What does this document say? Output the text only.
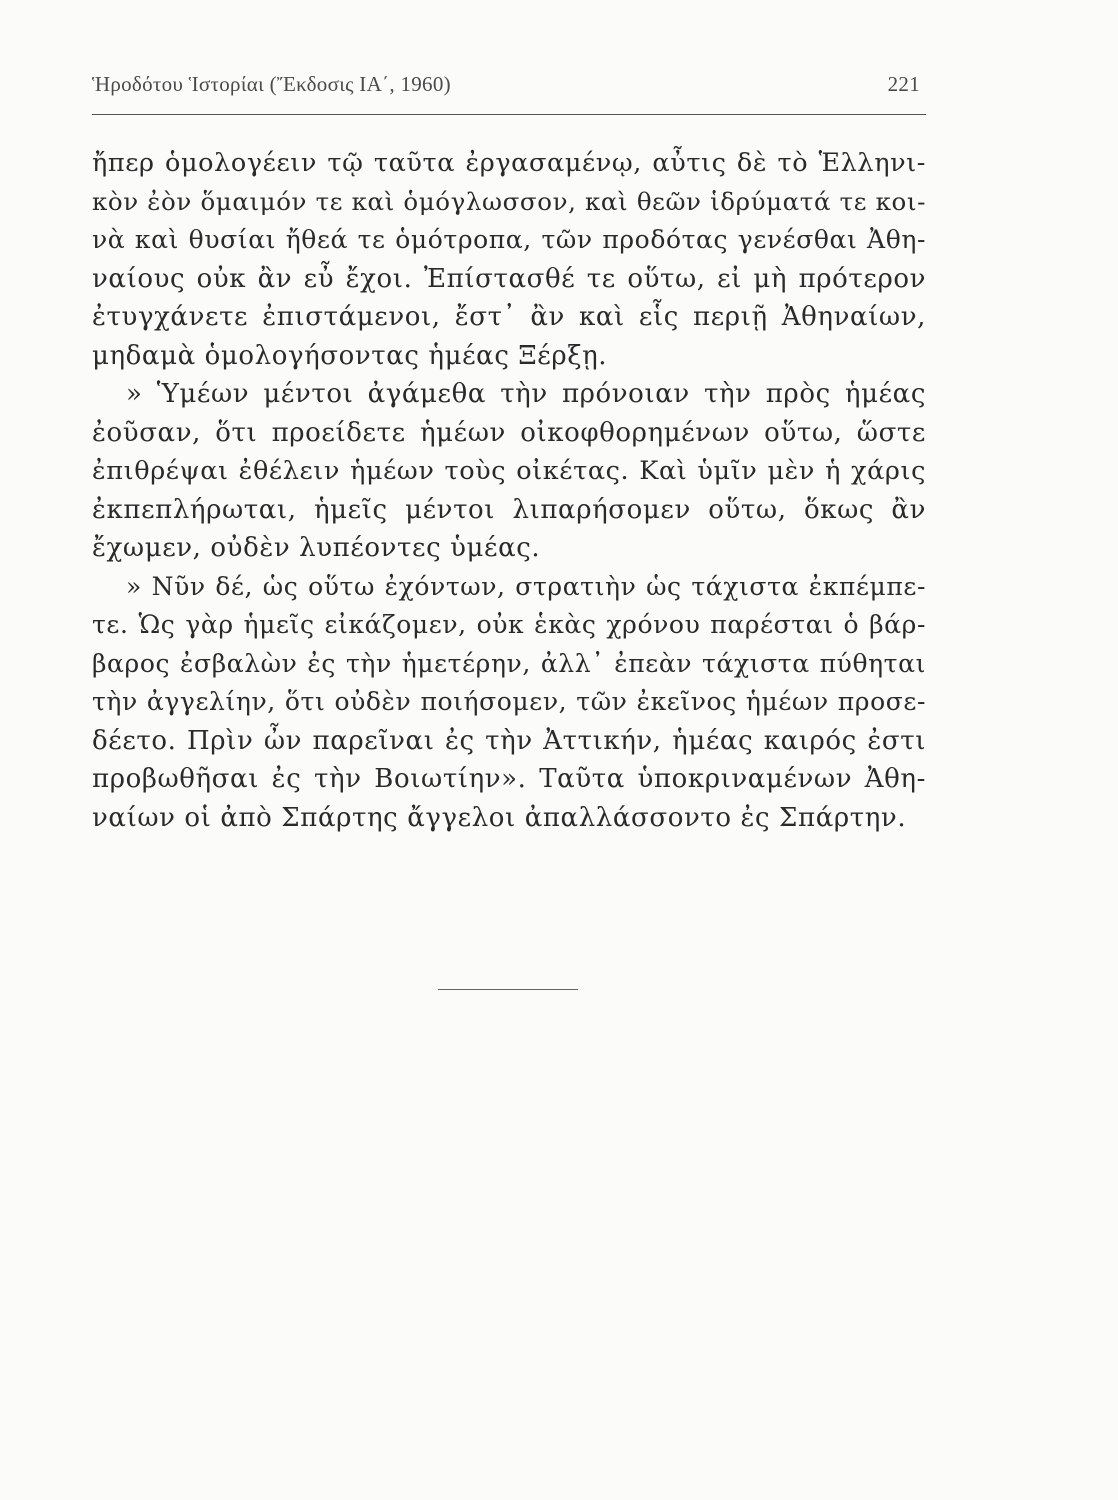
Ἡροδότου Ἱστορίαι (Ἔκδοσις ΙΑ΄, 1960)	221
ἤπερ ὁμολογέειν τῷ ταῦτα ἐργασαμένῳ, αὖτις δὲ τὸ Ἑλληνι-
κὸν ἐὸν ὅμαιμόν τε καὶ ὁμόγλωσσον, καὶ θεῶν ἱδρύματά τε κοι-
νὰ καὶ θυσίαι ἤθεά τε ὁμότροπα, τῶν προδότας γενέσθαι Ἀθη-
ναίους οὐκ ἂν εὖ ἔχοι. Ἐπίστασθέ τε οὕτω, εἰ μὴ πρότερον
ἐτυγχάνετε ἐπιστάμενοι, ἔστ᾽ ἂν καὶ εἷς περιῇ Ἀθηναίων,
μηδαμὰ ὁμολογήσοντας ἡμέας Ξέρξῃ.
» Ὑμέων μέντοι ἀγάμεθα τὴν πρόνοιαν τὴν πρὸς ἡμέας
ἐοῦσαν, ὅτι προείδετε ἡμέων οἰκοφθορημένων οὕτω, ὥστε
ἐπιθρέψαι ἐθέλειν ἡμέων τοὺς οἰκέτας. Καὶ ὑμῖν μὲν ἡ χάρις
ἐκπεπλήρωται, ἡμεῖς μέντοι λιπαρήσομεν οὕτω, ὅκως ἂν
ἔχωμεν, οὐδὲν λυπέοντες ὑμέας.
» Νῦν δέ, ὡς οὕτω ἐχόντων, στρατιὴν ὡς τάχιστα ἐκπέμπε-
τε. Ὡς γὰρ ἡμεῖς εἰκάζομεν, οὐκ ἑκὰς χρόνου παρέσται ὁ βάρ-
βαρος ἐσβαλὼν ἐς τὴν ἡμετέρην, ἀλλ᾽ ἐπεὰν τάχιστα πύθηται
τὴν ἀγγελίην, ὅτι οὐδὲν ποιήσομεν, τῶν ἐκεῖνος ἡμέων προσε-
δέετο. Πρὶν ὦν παρεῖναι ἐς τὴν Ἀττικήν, ἡμέας καιρός ἐστι
προβωθῆσαι ἐς τὴν Βοιωτίην». Ταῦτα ὑποκριναμένων Ἀθη-
ναίων οἱ ἀπὸ Σπάρτης ἄγγελοι ἀπαλλάσσοντο ἐς Σπάρτην.
